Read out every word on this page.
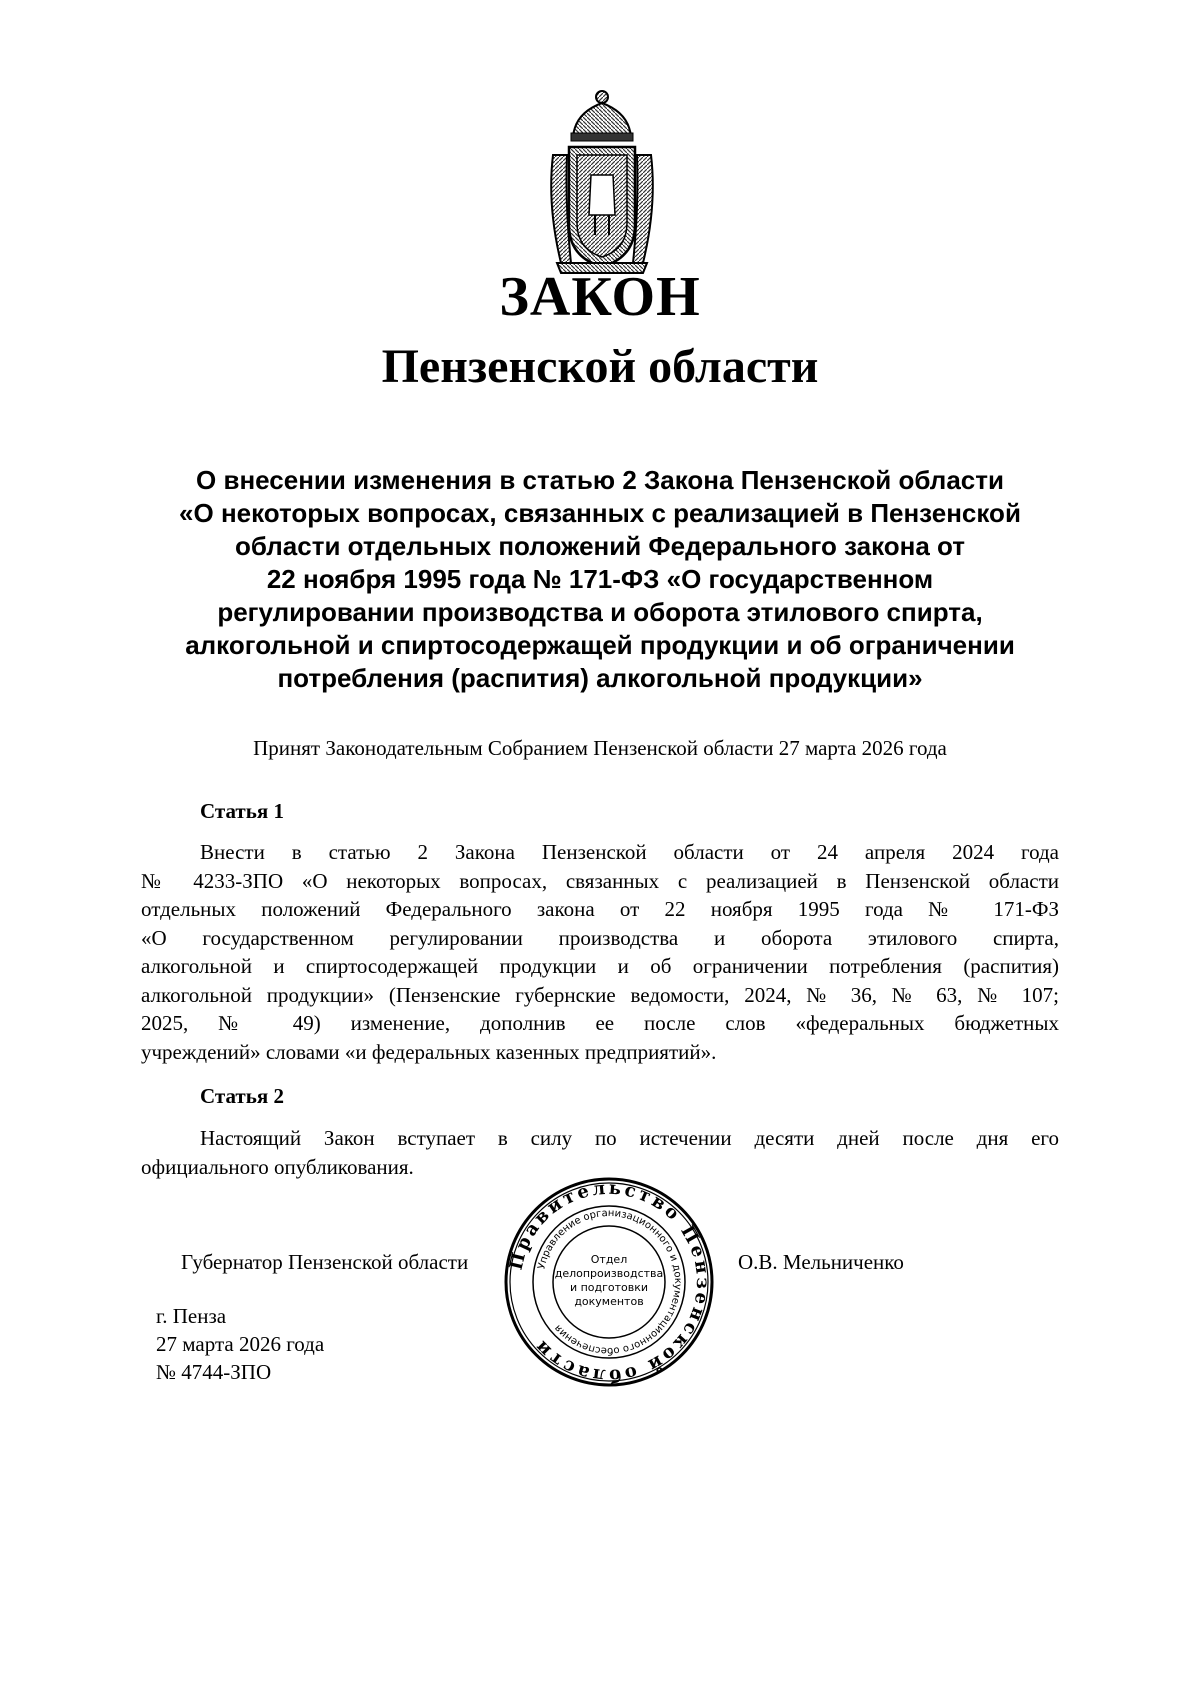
ЗАКОН
Пензенской области
О внесении изменения в статью 2 Закона Пензенской области
«О некоторых вопросах, связанных с реализацией в Пензенской
области отдельных положений Федерального закона от
22 ноября 1995 года № 171-ФЗ «О государственном
регулировании производства и оборота этилового спирта,
алкогольной и спиртосодержащей продукции и об ограничении
потребления (распития) алкогольной продукции»
Принят Законодательным Собранием Пензенской области 27 марта 2026 года
Статья 1
Внести в статью 2 Закона Пензенской области от 24 апреля 2024 года
№ 4233-ЗПО «О некоторых вопросах, связанных с реализацией в Пензенской области
отдельных положений Федерального закона от 22 ноября 1995 года № 171-ФЗ
«О государственном регулировании производства и оборота этилового спирта,
алкогольной и спиртосодержащей продукции и об ограничении потребления (распития)
алкогольной продукции» (Пензенские губернские ведомости, 2024, № 36, № 63, № 107;
2025, № 49) изменение, дополнив ее после слов «федеральных бюджетных
учреждений» словами «и федеральных казенных предприятий».
Статья 2
Настоящий Закон вступает в силу по истечении десяти дней после дня его
официального опубликования.
Губернатор Пензенской области	О.В. Мельниченко
г. Пенза
27 марта 2026 года
№ 4744-ЗПО
Правительство Пензенской области
Управление организационного и документационного обеспечения
Отдел
делопроизводства
и подготовки
документов
